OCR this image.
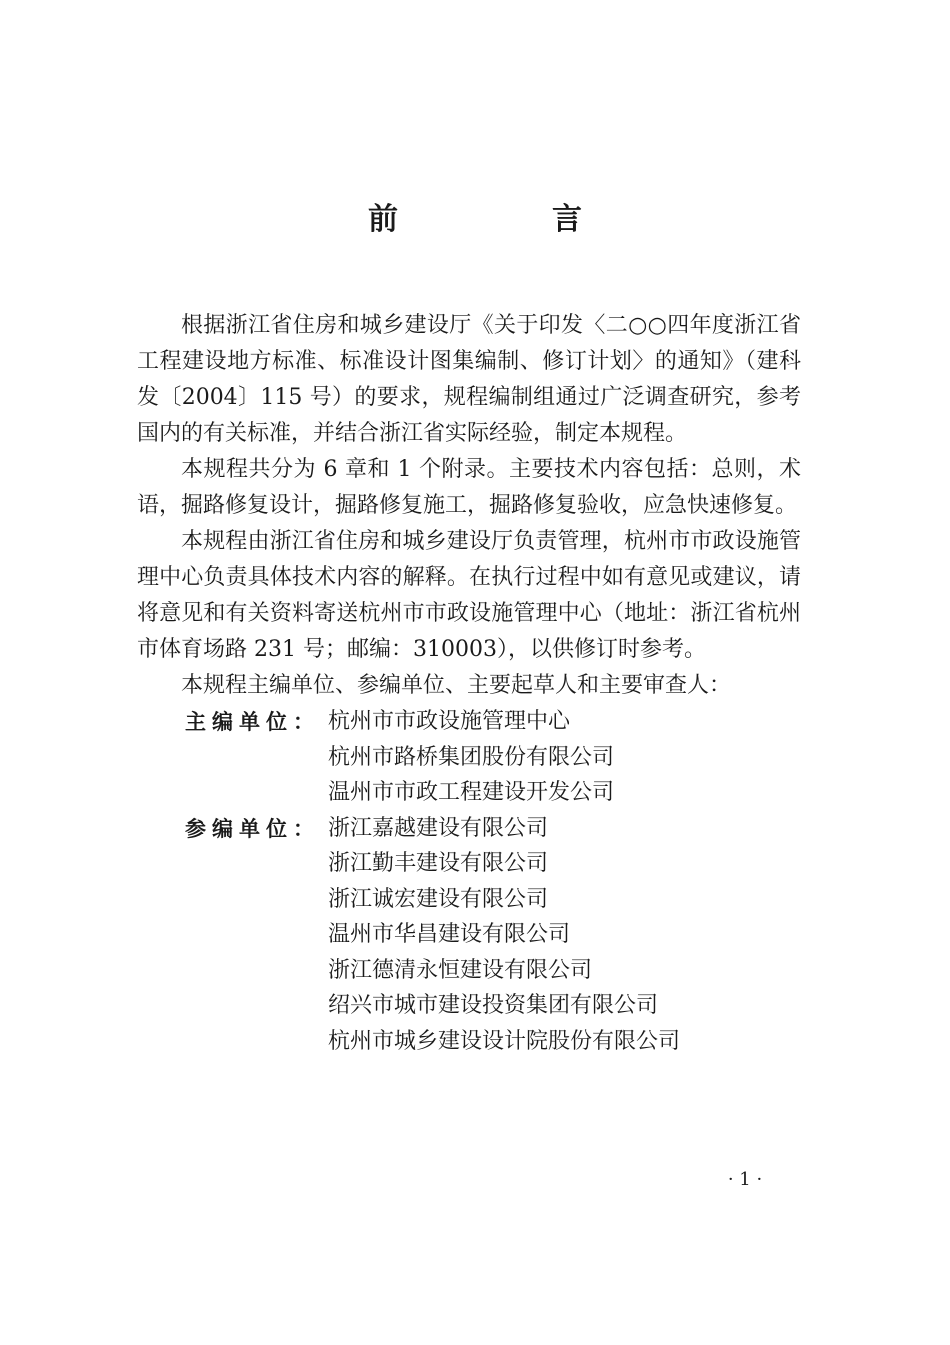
前　言

根据浙江省住房和城乡建设厅《关于印发〈二○○四年度浙江省工程建设地方标准、标准设计图集编制、修订计划〉的通知》（建科发〔2004〕115 号）的要求，规程编制组通过广泛调查研究，参考国内的有关标准，并结合浙江省实际经验，制定本规程。

本规程共分为 6 章和 1 个附录。主要技术内容包括：总则，术语，掘路修复设计，掘路修复施工，掘路修复验收，应急快速修复。

本规程由浙江省住房和城乡建设厅负责管理，杭州市市政设施管理中心负责具体技术内容的解释。在执行过程中如有意见或建议，请将意见和有关资料寄送杭州市市政设施管理中心（地址：浙江省杭州市体育场路 231 号；邮编：310003），以供修订时参考。

本规程主编单位、参编单位、主要起草人和主要审查人：

主编单位： 杭州市市政设施管理中心
杭州市路桥集团股份有限公司
温州市市政工程建设开发公司
参编单位： 浙江嘉越建设有限公司
浙江勤丰建设有限公司
浙江诚宏建设有限公司
温州市华昌建设有限公司
浙江德清永恒建设有限公司
绍兴市城市建设投资集团有限公司
杭州市城乡建设设计院股份有限公司
· 1 ·
